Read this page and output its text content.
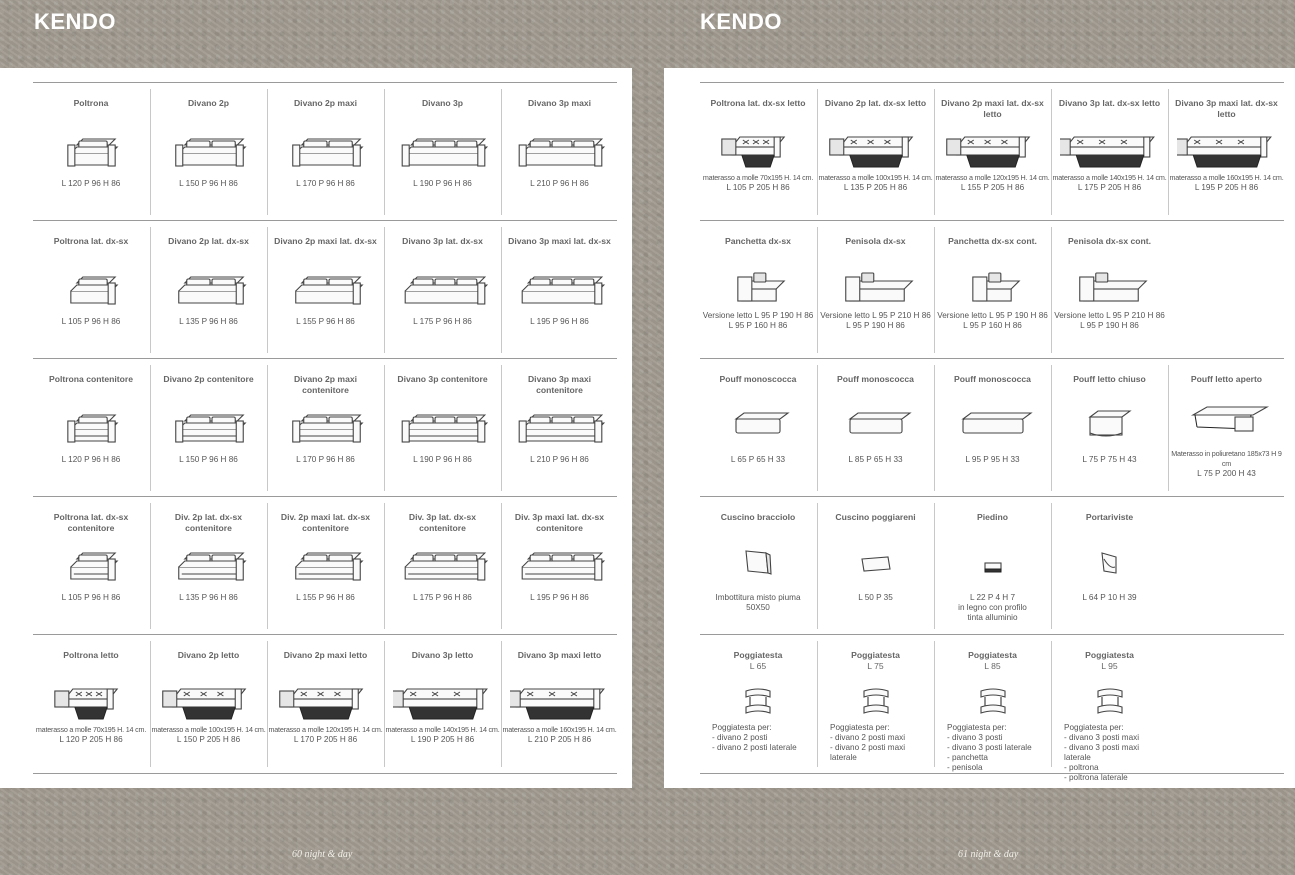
KENDO	KENDO
Poltrona
L 120 P 96 H 86
Divano 2p
L 150 P 96 H 86
Divano 2p maxi
L 170 P 96 H 86
Divano 3p
L 190 P 96 H 86
Divano 3p maxi
L 210 P 96 H 86
Poltrona lat. dx-sx
L 105 P 96 H 86
Divano 2p lat. dx-sx
L 135 P 96 H 86
Divano 2p maxi lat. dx-sx
L 155 P 96 H 86
Divano 3p lat. dx-sx
L 175 P 96 H 86
Divano 3p maxi lat. dx-sx
L 195 P 96 H 86
Poltrona contenitore
L 120 P 96 H 86
Divano 2p contenitore
L 150 P 96 H 86
Divano 2p maxi contenitore
L 170 P 96 H 86
Divano 3p contenitore
L 190 P 96 H 86
Divano 3p maxi contenitore
L 210 P 96 H 86
Poltrona lat. dx-sx contenitore
L 105 P 96 H 86
Div. 2p lat. dx-sx contenitore
L 135 P 96 H 86
Div. 2p maxi lat. dx-sx contenitore
L 155 P 96 H 86
Div. 3p lat. dx-sx contenitore
L 175 P 96 H 86
Div. 3p maxi lat. dx-sx contenitore
L 195 P 96 H 86
Poltrona letto
materasso a molle 70x195 H. 14 cm.
L 120 P 205 H 86
Divano 2p letto
materasso a molle 100x195 H. 14 cm.
L 150 P 205 H 86
Divano 2p maxi letto
materasso a molle 120x195 H. 14 cm.
L 170 P 205 H 86
Divano 3p letto
materasso a molle 140x195 H. 14 cm.
L 190 P 205 H 86
Divano 3p maxi letto
materasso a molle 160x195 H. 14 cm.
L 210 P 205 H 86
Poltrona lat. dx-sx letto
materasso a molle 70x195 H. 14 cm.
L 105 P 205 H 86
Divano 2p lat. dx-sx letto
materasso a molle 100x195 H. 14 cm.
L 135 P 205 H 86
Divano 2p maxi lat. dx-sx letto
materasso a molle 120x195 H. 14 cm.
L 155 P 205 H 86
Divano 3p lat. dx-sx letto
materasso a molle 140x195 H. 14 cm.
L 175 P 205 H 86
Divano 3p maxi lat. dx-sx letto
materasso a molle 160x195 H. 14 cm.
L 195 P 205 H 86
Panchetta dx-sx
Versione letto L 95 P 190 H 86
L 95 P 160 H 86
Penisola dx-sx
Versione letto L 95 P 210 H 86
L 95 P 190 H 86
Panchetta dx-sx cont.
Versione letto L 95 P 190 H 86
L 95 P 160 H 86
Penisola dx-sx cont.
Versione letto L 95 P 210 H 86
L 95 P 190 H 86
Pouff monoscocca
L 65 P 65 H 33
Pouff monoscocca
L 85 P 65 H 33
Pouff monoscocca
L 95 P 95 H 33
Pouff letto chiuso
L 75 P 75 H 43
Pouff letto aperto
Materasso in poliuretano 185x73 H 9 cm
L 75 P 200 H 43
Cuscino bracciolo
Imbottitura misto piuma
50X50
Cuscino poggiareni
L 50 P 35
Piedino
L 22 P 4 H 7
in legno con profilo
tinta alluminio
Portariviste
L 64 P 10 H 39
Poggiatesta
L 65
Poggiatesta per:
- divano 2 posti
- divano 2 posti laterale
Poggiatesta
L 75
Poggiatesta per:
- divano 2 posti maxi
- divano 2 posti maxi laterale
Poggiatesta
L 85
Poggiatesta per:
- divano 3 posti
- divano 3 posti laterale
- panchetta
- penisola
Poggiatesta
L 95
Poggiatesta per:
- divano 3 posti maxi
- divano 3 posti maxi laterale
- poltrona
- poltrona laterale
60 night & day	61 night & day
